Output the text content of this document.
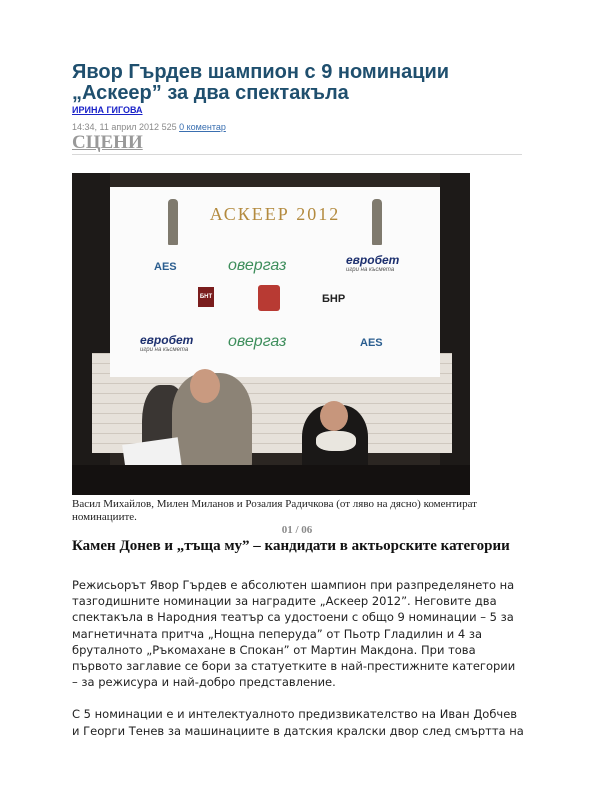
Явор Гърдев шампион с 9 номинации „Аскеер” за два спектакъла
ИРИНА ГИГОВА
14:34, 11 април 2012 525 0 коментар
СЦЕНИ
АСКЕЕР 2012
AES	овергаз	евробет
игри на късмета
БНТ	БНР
евробет
игри на късмета	овергаз	AES
Васил Михайлов, Милен Миланов и Розалия Радичкова (от ляво на дясно) коментират номинациите.
01 / 06
Камен Донев и „тъща му” – кандидати в актьорските категории

Режисьорът Явор Гърдев е абсолютен шампион при разпределянето на тазгодишните номинации за наградите „Аскеер 2012”. Неговите два спектакъла в Народния театър са удостоени с общо 9 номинации – 5 за магнетичната притча „Нощна пеперуда” от Пьотр Гладилин и 4 за бруталното „Ръкомахане в Спокан” от Мартин Макдона. При това първото заглавие се бори за статуетките в най-престижните категории – за режисура и най-добро представление.

С 5 номинации е и интелектуалното предизвикателство на Иван Добчев и Георги Тенев за машинациите в датския кралски двор след смъртта на
